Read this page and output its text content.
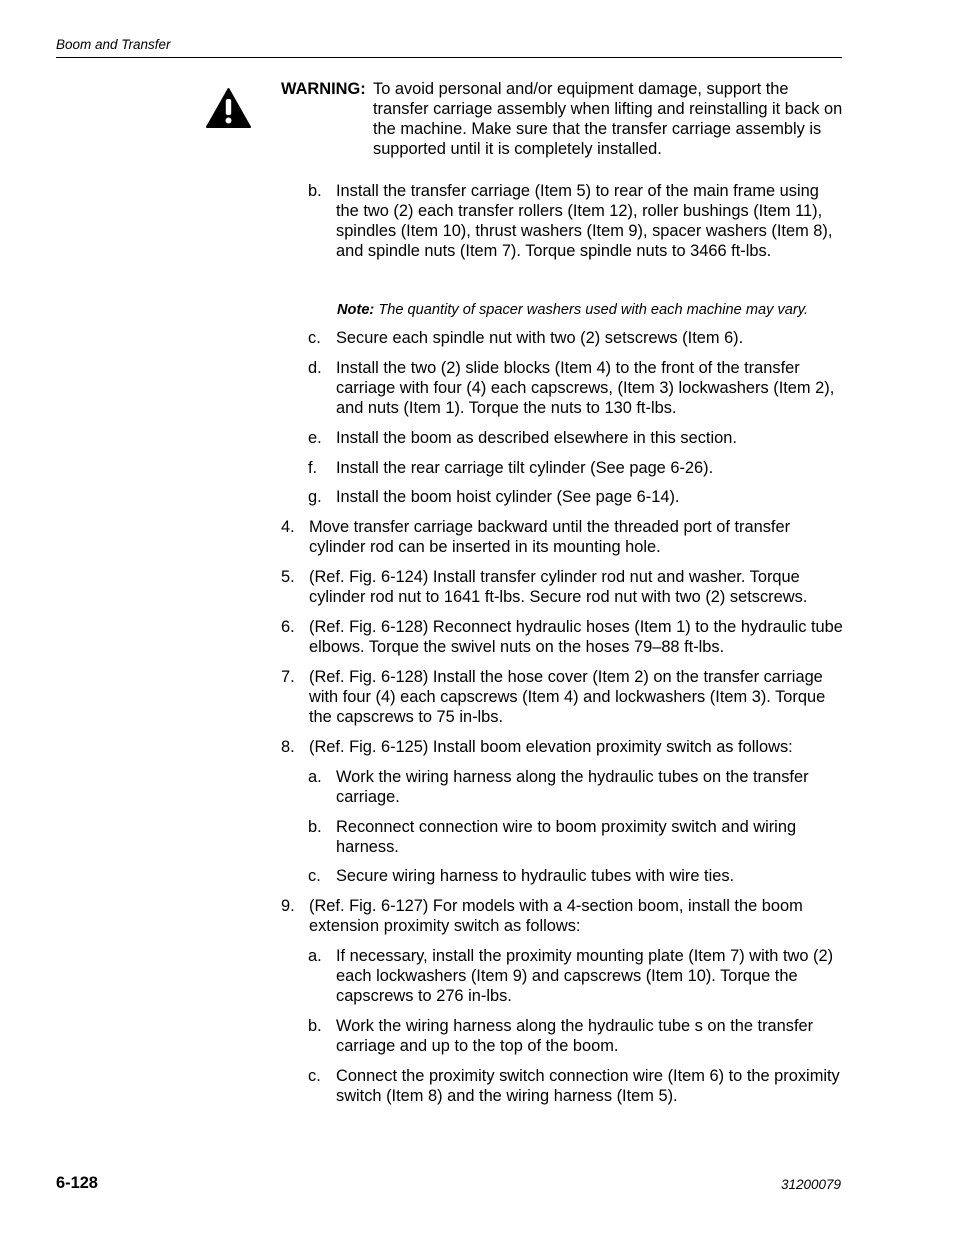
Boom and Transfer
WARNING: To avoid personal and/or equipment damage, support the transfer carriage assembly when lifting and reinstalling it back on the machine. Make sure that the transfer carriage assembly is supported until it is completely installed.
b. Install the transfer carriage (Item 5) to rear of the main frame using the two (2) each transfer rollers (Item 12), roller bushings (Item 11), spindles (Item 10), thrust washers (Item 9), spacer washers (Item 8), and spindle nuts (Item 7). Torque spindle nuts to 3466 ft-lbs.
Note: The quantity of spacer washers used with each machine may vary.
c. Secure each spindle nut with two (2) setscrews (Item 6).
d. Install the two (2) slide blocks (Item 4) to the front of the transfer carriage with four (4) each capscrews, (Item 3) lockwashers (Item 2), and nuts (Item 1). Torque the nuts to 130 ft-lbs.
e. Install the boom as described elsewhere in this section.
f. Install the rear carriage tilt cylinder (See page 6-26).
g. Install the boom hoist cylinder (See page 6-14).
4. Move transfer carriage backward until the threaded port of transfer cylinder rod can be inserted in its mounting hole.
5. (Ref. Fig. 6-124) Install transfer cylinder rod nut and washer. Torque cylinder rod nut to 1641 ft-lbs. Secure rod nut with two (2) setscrews.
6. (Ref. Fig. 6-128) Reconnect hydraulic hoses (Item 1) to the hydraulic tube elbows. Torque the swivel nuts on the hoses 79–88 ft-lbs.
7. (Ref. Fig. 6-128) Install the hose cover (Item 2) on the transfer carriage with four (4) each capscrews (Item 4) and lockwashers (Item 3). Torque the capscrews to 75 in-lbs.
8. (Ref. Fig. 6-125) Install boom elevation proximity switch as follows:
a. Work the wiring harness along the hydraulic tubes on the transfer carriage.
b. Reconnect connection wire to boom proximity switch and wiring harness.
c. Secure wiring harness to hydraulic tubes with wire ties.
9. (Ref. Fig. 6-127) For models with a 4-section boom, install the boom extension proximity switch as follows:
a. If necessary, install the proximity mounting plate (Item 7) with two (2) each lockwashers (Item 9) and capscrews (Item 10). Torque the capscrews to 276 in-lbs.
b. Work the wiring harness along the hydraulic tube s on the transfer carriage and up to the top of the boom.
c. Connect the proximity switch connection wire (Item 6) to the proximity switch (Item 8) and the wiring harness (Item 5).
6-128	31200079
